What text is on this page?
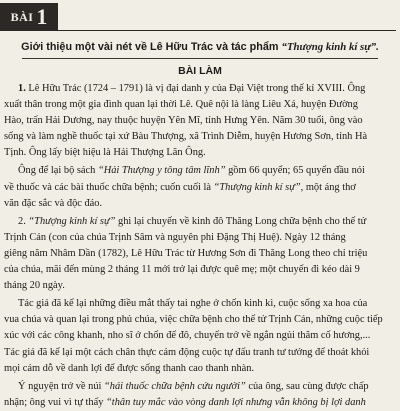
BÀI 1
Giới thiệu một vài nét về Lê Hữu Trác và tác phẩm “Thượng kinh kí sự”.
BÀI LÀM
1. Lê Hữu Trác (1724 – 1791) là vị đại danh y của Đại Việt trong thế kỉ XVIII. Ông
xuất thân trong một gia đình quan lại thời Lê. Quê nội là làng Liêu Xá, huyện Đường
Hào, trấn Hải Dương, nay thuộc huyện Yên Mĩ, tỉnh Hưng Yên. Năm 30 tuổi, ông vào
sống và làm nghề thuốc tại xứ Bàu Thượng, xã Trình Diễm, huyện Hương Sơn, tỉnh Hà
Tịnh. Ông lấy biệt hiệu là Hải Thượng Lãn Ông.
Ông để lại bộ sách “Hải Thượng y tông tâm lĩnh” gồm 66 quyển; 65 quyển đầu nói
về thuốc và các bài thuốc chữa bệnh; cuốn cuối là “Thượng kinh kí sự”, một áng thơ
văn đặc sắc và độc đáo.
2. “Thượng kinh kí sự” ghi lại chuyến về kinh đô Thăng Long chữa bệnh cho thế tử
Trịnh Cán (con của chúa Trịnh Sâm và nguyên phi Đặng Thị Huệ). Ngày 12 tháng
giêng năm Nhâm Dần (1782), Lê Hữu Trác từ Hương Sơn đi Thăng Long theo chỉ triệu
của chúa, mãi đến mùng 2 tháng 11 mới trở lại được quê mẹ; một chuyến đi kéo dài 9
tháng 20 ngày.
Tác giả đã kể lại những điều mắt thấy tai nghe ở chốn kinh kì, cuộc sống xa hoa của
vua chúa và quan lại trong phủ chúa, việc chữa bệnh cho thế tử Trịnh Cán, những cuộc tiếp
xúc với các công khanh, nho sĩ ở chốn đế đô, chuyến trở về ngắn ngủi thăm cố hương,...
Tác giả đã kể lại một cách chân thực cảm động cuộc tự đấu tranh tư tưởng để thoát khỏi
mọi cám dỗ về danh lợi để được sống thanh cao thanh nhàn.
Ý nguyện trở về núi “hái thuốc chữa bệnh cứu người” của ông, sau cùng được chấp
nhận; ông vui vì tự thấy “thân tuy mắc vào vòng danh lợi nhưng vẫn không bị lợi danh
